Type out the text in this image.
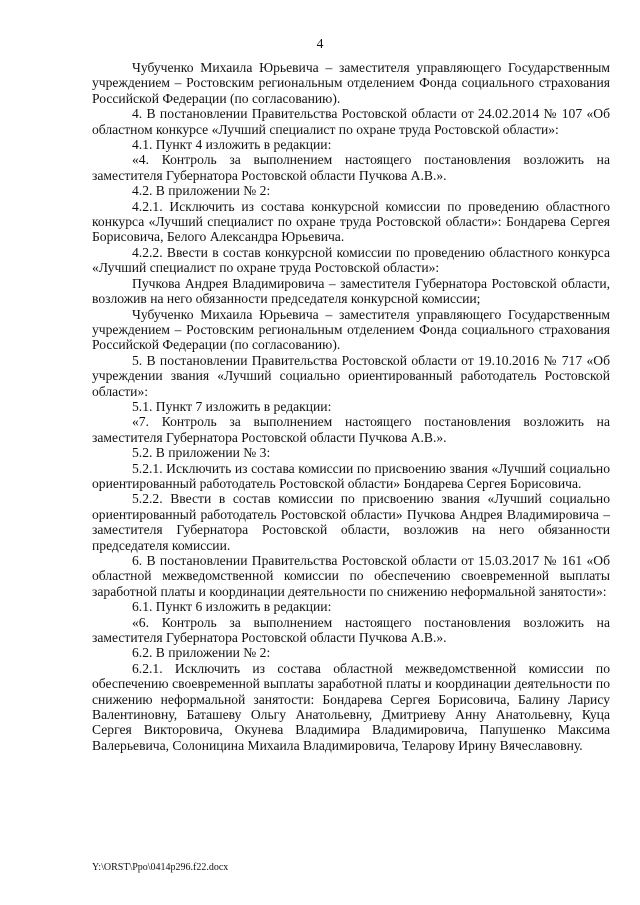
4

Чубученко Михаила Юрьевича – заместителя управляющего Государственным учреждением – Ростовским региональным отделением Фонда социального страхования Российской Федерации (по согласованию).

4. В постановлении Правительства Ростовской области от 24.02.2014 № 107 «Об областном конкурсе «Лучший специалист по охране труда Ростовской области»:

4.1. Пункт 4 изложить в редакции:

«4. Контроль за выполнением настоящего постановления возложить на заместителя Губернатора Ростовской области Пучкова А.В.».

4.2. В приложении № 2:

4.2.1. Исключить из состава конкурсной комиссии по проведению областного конкурса «Лучший специалист по охране труда Ростовской области»: Бондарева Сергея Борисовича, Белого Александра Юрьевича.

4.2.2. Ввести в состав конкурсной комиссии по проведению областного конкурса «Лучший специалист по охране труда Ростовской области»:

Пучкова Андрея Владимировича – заместителя Губернатора Ростовской области, возложив на него обязанности председателя конкурсной комиссии;

Чубученко Михаила Юрьевича – заместителя управляющего Государственным учреждением – Ростовским региональным отделением Фонда социального страхования Российской Федерации (по согласованию).

5. В постановлении Правительства Ростовской области от 19.10.2016 № 717 «Об учреждении звания «Лучший социально ориентированный работодатель Ростовской области»:

5.1. Пункт 7 изложить в редакции:

«7. Контроль за выполнением настоящего постановления возложить на заместителя Губернатора Ростовской области Пучкова А.В.».

5.2. В приложении № 3:

5.2.1. Исключить из состава комиссии по присвоению звания «Лучший социально ориентированный работодатель Ростовской области» Бондарева Сергея Борисовича.

5.2.2. Ввести в состав комиссии по присвоению звания «Лучший социально ориентированный работодатель Ростовской области» Пучкова Андрея Владимировича – заместителя Губернатора Ростовской области, возложив на него обязанности председателя комиссии.

6. В постановлении Правительства Ростовской области от 15.03.2017 № 161 «Об областной межведомственной комиссии по обеспечению своевременной выплаты заработной платы и координации деятельности по снижению неформальной занятости»:

6.1. Пункт 6 изложить в редакции:

«6. Контроль за выполнением настоящего постановления возложить на заместителя Губернатора Ростовской области Пучкова А.В.».

6.2. В приложении № 2:

6.2.1. Исключить из состава областной межведомственной комиссии по обеспечению своевременной выплаты заработной платы и координации деятельности по снижению неформальной занятости: Бондарева Сергея Борисовича, Балину Ларису Валентиновну, Баташеву Ольгу Анатольевну, Дмитриеву Анну Анатольевну, Куца Сергея Викторовича, Окунева Владимира Владимировича, Папушенко Максима Валерьевича, Солоницина Михаила Владимировича, Теларову Ирину Вячеславовну.

Y:\ORST\Ppo\0414p296.f22.docx
